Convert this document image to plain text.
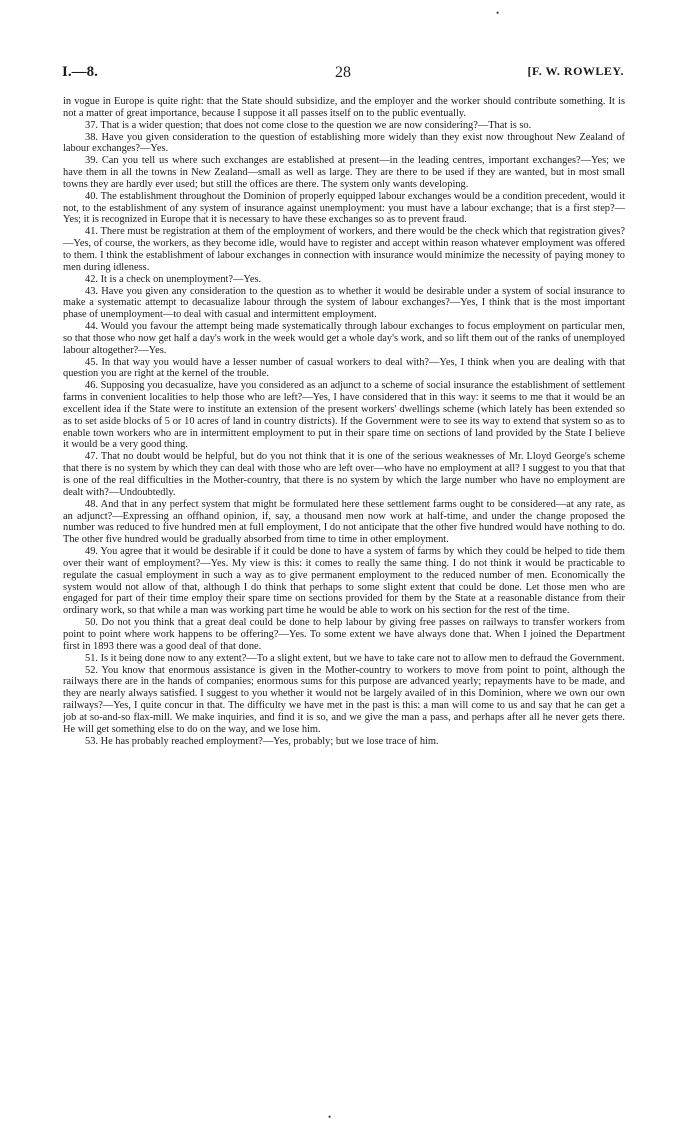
•
I.—8.	28	[F. W. ROWLEY.

in vogue in Europe is quite right: that the State should subsidize, and the employer and the worker should contribute something. It is not a matter of great importance, because I suppose it all passes itself on to the public eventually.

37. That is a wider question; that does not come close to the question we are now considering?—That is so.

38. Have you given consideration to the question of establishing more widely than they exist now throughout New Zealand of labour exchanges?—Yes.

39. Can you tell us where such exchanges are established at present—in the leading centres, important exchanges?—Yes; we have them in all the towns in New Zealand—small as well as large. They are there to be used if they are wanted, but in most small towns they are hardly ever used; but still the offices are there. The system only wants developing.

40. The establishment throughout the Dominion of properly equipped labour exchanges would be a condition precedent, would it not, to the establishment of any system of insurance against unemployment: you must have a labour exchange; that is a first step?—Yes; it is recognized in Europe that it is necessary to have these exchanges so as to prevent fraud.

41. There must be registration at them of the employment of workers, and there would be the check which that registration gives?—Yes, of course, the workers, as they become idle, would have to register and accept within reason whatever employment was offered to them. I think the establishment of labour exchanges in connection with insurance would minimize the necessity of paying money to men during idleness.

42. It is a check on unemployment?—Yes.

43. Have you given any consideration to the question as to whether it would be desirable under a system of social insurance to make a systematic attempt to decasualize labour through the system of labour exchanges?—Yes, I think that is the most important phase of unemployment—to deal with casual and intermittent employment.

44. Would you favour the attempt being made systematically through labour exchanges to focus employment on particular men, so that those who now get half a day's work in the week would get a whole day's work, and so lift them out of the ranks of unemployed labour altogether?—Yes.

45. In that way you would have a lesser number of casual workers to deal with?—Yes, I think when you are dealing with that question you are right at the kernel of the trouble.

46. Supposing you decasualize, have you considered as an adjunct to a scheme of social insurance the establishment of settlement farms in convenient localities to help those who are left?—Yes, I have considered that in this way: it seems to me that it would be an excellent idea if the State were to institute an extension of the present workers' dwellings scheme (which lately has been extended so as to set aside blocks of 5 or 10 acres of land in country districts). If the Government were to see its way to extend that system so as to enable town workers who are in intermittent employment to put in their spare time on sections of land provided by the State I believe it would be a very good thing.

47. That no doubt would be helpful, but do you not think that it is one of the serious weaknesses of Mr. Lloyd George's scheme that there is no system by which they can deal with those who are left over—who have no employment at all? I suggest to you that that is one of the real difficulties in the Mother-country, that there is no system by which the large number who have no employment are dealt with?—Undoubtedly.

48. And that in any perfect system that might be formulated here these settlement farms ought to be considered—at any rate, as an adjunct?—Expressing an offhand opinion, if, say, a thousand men now work at half-time, and under the change proposed the number was reduced to five hundred men at full employment, I do not anticipate that the other five hundred would have nothing to do. The other five hundred would be gradually absorbed from time to time in other employment.

49. You agree that it would be desirable if it could be done to have a system of farms by which they could be helped to tide them over their want of employment?—Yes. My view is this: it comes to really the same thing. I do not think it would be practicable to regulate the casual employment in such a way as to give permanent employment to the reduced number of men. Economically the system would not allow of that, although I do think that perhaps to some slight extent that could be done. Let those men who are engaged for part of their time employ their spare time on sections provided for them by the State at a reasonable distance from their ordinary work, so that while a man was working part time he would be able to work on his section for the rest of the time.

50. Do not you think that a great deal could be done to help labour by giving free passes on railways to transfer workers from point to point where work happens to be offering?—Yes. To some extent we have always done that. When I joined the Department first in 1893 there was a good deal of that done.

51. Is it being done now to any extent?—To a slight extent, but we have to take care not to allow men to defraud the Government.

52. You know that enormous assistance is given in the Mother-country to workers to move from point to point, although the railways there are in the hands of companies; enormous sums for this purpose are advanced yearly; repayments have to be made, and they are nearly always satisfied. I suggest to you whether it would not be largely availed of in this Dominion, where we own our own railways?—Yes, I quite concur in that. The difficulty we have met in the past is this: a man will come to us and say that he can get a job at so-and-so flax-mill. We make inquiries, and find it is so, and we give the man a pass, and perhaps after all he never gets there. He will get something else to do on the way, and we lose him.

53. He has probably reached employment?—Yes, probably; but we lose trace of him.

•
